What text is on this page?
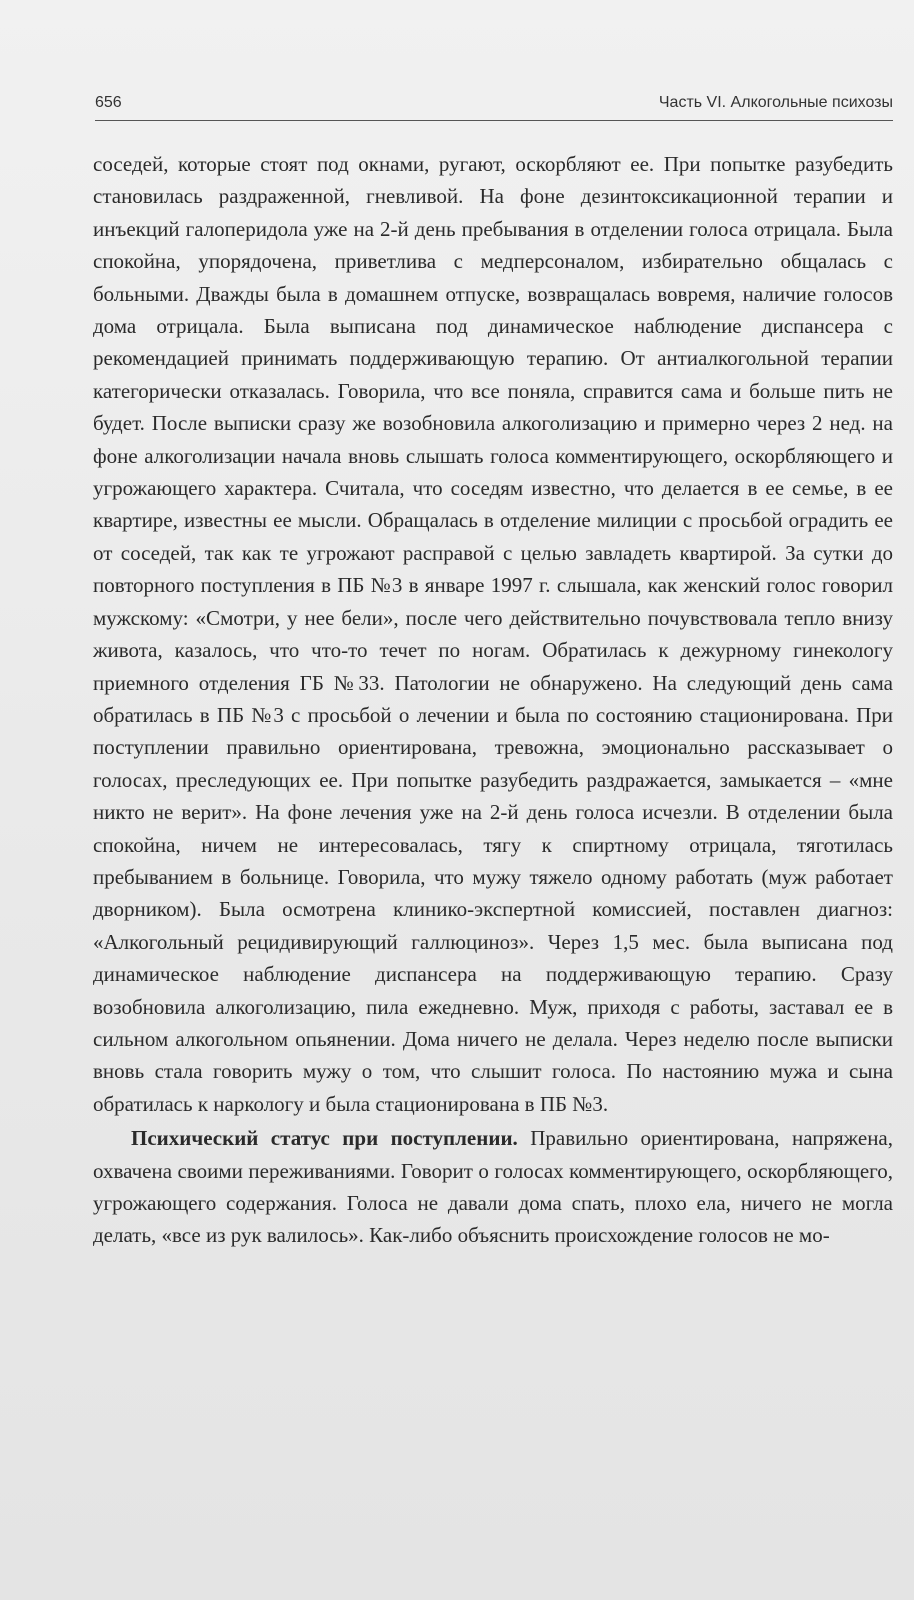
656	Часть VI. Алкогольные психозы

соседей, которые стоят под окнами, ругают, оскорбляют ее. При попытке разубедить становилась раздраженной, гневливой. На фоне дезинтоксикационной терапии и инъекций галоперидола уже на 2-й день пребывания в отделении голоса отрицала. Была спокойна, упорядочена, приветлива с медперсоналом, избирательно общалась с больными. Дважды была в домашнем отпуске, возвращалась вовремя, наличие голосов дома отрицала. Была выписана под динамическое наблюдение диспансера с рекомендацией принимать поддерживающую терапию. От антиалкогольной терапии категорически отказалась. Говорила, что все поняла, справится сама и больше пить не будет. После выписки сразу же возобновила алкоголизацию и примерно через 2 нед. на фоне алкоголизации начала вновь слышать голоса комментирующего, оскорбляющего и угрожающего характера. Считала, что соседям известно, что делается в ее семье, в ее квартире, известны ее мысли. Обращалась в отделение милиции с просьбой оградить ее от соседей, так как те угрожают расправой с целью завладеть квартирой. За сутки до повторного поступления в ПБ №3 в январе 1997 г. слышала, как женский голос говорил мужскому: «Смотри, у нее бели», после чего действительно почувствовала тепло внизу живота, казалось, что что-то течет по ногам. Обратилась к дежурному гинекологу приемного отделения ГБ №33. Патологии не обнаружено. На следующий день сама обратилась в ПБ №3 с просьбой о лечении и была по состоянию стационирована. При поступлении правильно ориентирована, тревожна, эмоционально рассказывает о голосах, преследующих ее. При попытке разубедить раздражается, замыкается – «мне никто не верит». На фоне лечения уже на 2-й день голоса исчезли. В отделении была спокойна, ничем не интересовалась, тягу к спиртному отрицала, тяготилась пребыванием в больнице. Говорила, что мужу тяжело одному работать (муж работает дворником). Была осмотрена клинико-экспертной комиссией, поставлен диагноз: «Алкогольный рецидивирующий галлюциноз». Через 1,5 мес. была выписана под динамическое наблюдение диспансера на поддерживающую терапию. Сразу возобновила алкоголизацию, пила ежедневно. Муж, приходя с работы, заставал ее в сильном алкогольном опьянении. Дома ничего не делала. Через неделю после выписки вновь стала говорить мужу о том, что слышит голоса. По настоянию мужа и сына обратилась к наркологу и была стационирована в ПБ №3.

Психический статус при поступлении. Правильно ориентирована, напряжена, охвачена своими переживаниями. Говорит о голосах комментирующего, оскорбляющего, угрожающего содержания. Голоса не давали дома спать, плохо ела, ничего не могла делать, «все из рук валилось». Как-либо объяснить происхождение голосов не мо-
